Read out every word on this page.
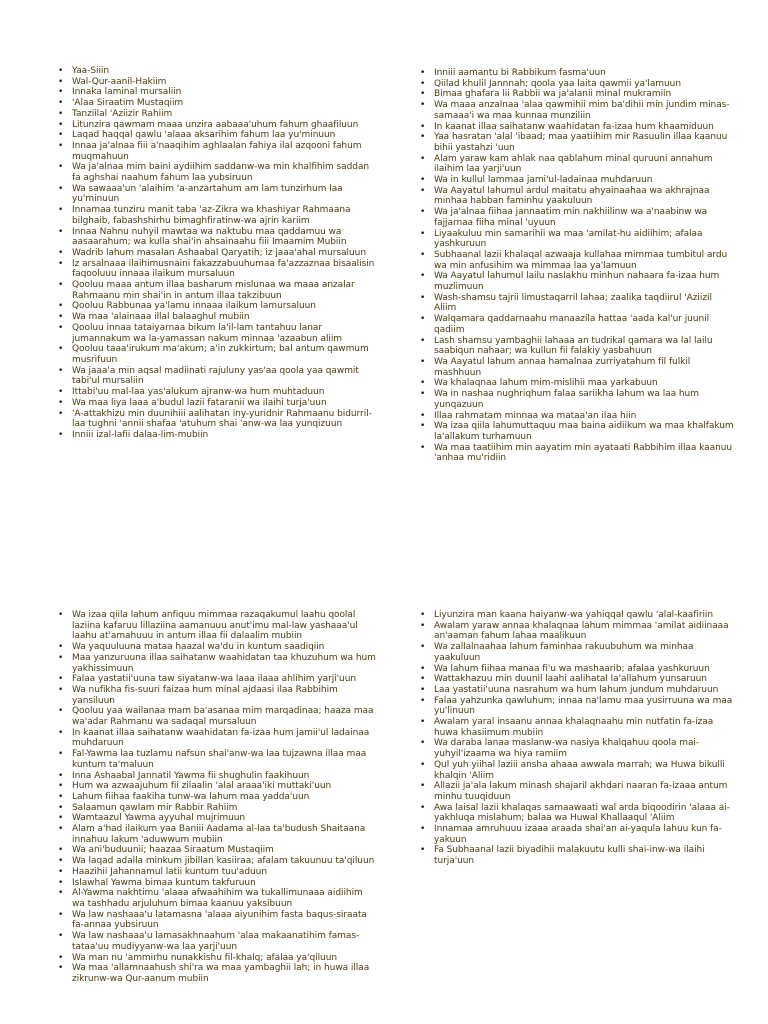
• Yaa-Siiin
• Wal-Qur-aanil-Hakiim
• Innaka laminal mursaliin
• 'Alaa Siraatim Mustaqiim
• Tanziilal 'Aziizir Rahiim
• Litunzira qawmam maaa unzira aabaaa'uhum fahum ghaafiluun
• Laqad haqqal qawlu 'alaaa aksarihim fahum laa yu'minuun
• Innaa ja'alnaa fiii a'naaqihim aghlaalan fahiya ilal azqooni fahum muqmahuun
• Wa ja'alnaa mim baini aydiihim saddanw-wa min khalfihim saddan fa aghshai naahum fahum laa yubsiruun
• Wa sawaaa'un 'alaihim 'a-anzartahum am lam tunzirhum laa yu'minuun
• Innamaa tunziru manit taba 'az-Zikra wa khashiyar Rahmaana bilghaib, fabashshirhu bimaghfiratinw-wa ajrin kariim
• Innaa Nahnu nuhyil mawtaa wa naktubu maa qaddamuu wa aasaarahum; wa kulla shai'in ahsainaahu fiii Imaamim Mubiin
• Wadrib lahum masalan Ashaabal Qaryatih; iz jaaa'ahal mursaluun
• Iz arsalnaaa ilaihimusnaini fakazzabuuhumaa fa'azzaznaa bisaalisin faqooluuu innaaa ilaikum mursaluun
• Qooluu maaa antum illaa basharum mislunaa wa maaa anzalar Rahmaanu min shai'in in antum illaa takzibuun
• Qooluu Rabbunaa ya'lamu innaaa ilaikum lamursaluun
• Wa maa 'alainaaa illal balaaghul mubiin
• Qooluu innaa tataiyarnaa bikum la'il-lam tantahuu lanar jumannakum wa la-yamassan nakum minnaa 'azaabun aliim
• Qooluu taaa'irukum ma'akum; a'in zukkirtum; bal antum qawmum musrifuun
• Wa jaaa'a min aqsal madiinati rajuluny yas'aa qoola yaa qawmit tabi'ul mursaliin
• Ittabi'uu mal-laa yas'alukum ajranw-wa hum muhtaduun
• Wa maa liya laaa a'budul lazii fataranii wa ilaihi turja'uun
• 'A-attakhizu min duunihiii aalihatan iny-yuridnir Rahmaanu bidurril-laa tughni 'annii shafaa 'atuhum shai 'anw-wa laa yunqizuun
• Inniii izal-lafii dalaa-lim-mubiin
• Inniii aamantu bi Rabbikum fasma'uun
• Qiilad khulil Jannnah; qoola yaa laita qawmii ya'lamuun
• Bimaa ghafara lii Rabbii wa ja'alanii minal mukramiin
• Wa maaa anzalnaa 'alaa qawmihii mim ba'dihii min jundim minas-samaaa'i wa maa kunnaa munziliin
• In kaanat illaa saihatanw waahidatan fa-izaa hum khaamiduun
• Yaa hasratan 'alal 'ibaad; maa yaatiihim mir Rasuulin illaa kaanuu bihii yastahzi 'uun
• Alam yaraw kam ahlak naa qablahum minal quruuni annahum ilaihim laa yarji'uun
• Wa in kullul lammaa jami'ul-ladainaa muhdaruun
• Wa Aayatul lahumul ardul maitatu ahyainaahaa wa akhrajnaa minhaa habban faminhu yaakuluun
• Wa ja'alnaa fiihaa jannaatim min nakhiilinw wa a'naabinw wa fajjarnaa fiiha minal 'uyuun
• Liyaakuluu min samarihii wa maa 'amilat-hu aidiihim; afalaa yashkuruun
• Subhaanal lazii khalaqal azwaaja kullahaa mimmaa tumbitul ardu wa min anfusihim wa mimmaa laa ya'lamuun
• Wa Aayatul lahumul lailu naslakhu minhun nahaara fa-izaa hum muzlimuun
• Wash-shamsu tajrii limustaqarril lahaa; zaalika taqdiirul 'Aziizil Aliim
• Walqamara qaddarnaahu manaazila hattaa 'aada kal'ur juunil qadiim
• Lash shamsu yambaghii lahaaa an tudrikal qamara wa lal lailu saabiqun nahaar; wa kullun fii falakiy yasbahuun
• Wa Aayatul lahum annaa hamalnaa zurriyatahum fil fulkil mashhuun
• Wa khalaqnaa lahum mim-mislihii maa yarkabuun
• Wa in nashaa nughriqhum falaa sariikha lahum wa laa hum yunqazuun
• Illaa rahmatam minnaa wa mataa'an ilaa hiin
• Wa izaa qiila lahumuttaquu maa baina aidiikum wa maa khalfakum la'allakum turhamuun
• Wa maa taatiihim min aayatim min ayataati Rabbihim illaa kaanuu 'anhaa mu'ridiin
• Wa izaa qiila lahum anfiquu mimmaa razaqakumul laahu qoolal laziina kafaruu lillaziina aamanuuu anut'imu mal-law yashaaa'ul laahu at'amahuuu in antum illaa fii dalaalim mubiin
• Wa yaquuluuna mataa haazal wa'du in kuntum saadiqiin
• Maa yanzuruuna illaa saihatanw waahidatan taa khuzuhum wa hum yakhissimuun
• Falaa yastatii'uuna taw siyatanw-wa laaa ilaaa ahlihim yarji'uun
• Wa nufikha fis-suuri faizaa hum minal ajdaasi ilaa Rabbihim yansiluun
• Qooluu yaa wailanaa mam ba'asanaa mim marqadinaa; haaza maa wa'adar Rahmanu wa sadaqal mursaluun
• In kaanat illaa saihatanw waahidatan fa-izaa hum jamii'ul ladainaa muhdaruun
• Fal-Yawma laa tuzlamu nafsun shai'anw-wa laa tujzawna illaa maa kuntum ta'maluun
• Inna Ashaabal Jannatil Yawma fii shughulin faakihuun
• Hum wa azwaajuhum fii zilaalin 'alal araaa'iki muttaki'uun
• Lahum fiihaa faakiha tunw-wa lahum maa yadda'uun
• Salaamun qawlam mir Rabbir Rahiim
• Wamtaazul Yawma ayyuhal mujrimuun
• Alam a'had ilaikum yaa Baniii Aadama al-laa ta'budush Shaitaana innahuu lakum 'aduwwum mubiin
• Wa ani'buduunii; haazaa Siraatum Mustaqiim
• Wa laqad adalla minkum jibillan kasiiraa; afalam takuunuu ta'qiluun
• Haazihii Jahannamul latii kuntum tuu'aduun
• Islawhal Yawma bimaa kuntum takfuruun
• Al-Yawma nakhtimu 'alaaa afwaahihim wa tukallimunaaa aidiihim wa tashhadu arjuluhum bimaa kaanuu yaksibuun
• Wa law nashaaa'u latamasna 'alaaa aiyunihim fasta baqus-siraata fa-annaa yubsiruun
• Wa law nashaaa'u lamasakhnaahum 'alaa makaanatihim famas-tataa'uu mudiyyanw-wa laa yarji'uun
• Wa man nu 'ammirhu nunakkishu fil-khalq; afalaa ya'qiluun
• Wa maa 'allamnaahush shi'ra wa maa yambaghii lah; in huwa illaa zikrunw-wa Qur-aanum mubiin
• Liyunzira man kaana haiyanw-wa yahiqqal qawlu 'alal-kaafiriin
• Awalam yaraw annaa khalaqnaa lahum mimmaa 'amilat aidiinaaa an'aaman fahum lahaa maalikuun
• Wa zallalnaahaa lahum faminhaa rakuubuhum wa minhaa yaakuluun
• Wa lahum fiihaa manaa fi'u wa mashaarib; afalaa yashkuruun
• Wattakhazuu min duunil laahi aalihatal la'allahum yunsaruun
• Laa yastatii'uuna nasrahum wa hum lahum jundum muhdaruun
• Falaa yahzunka qawluhum; innaa na'lamu maa yusirruuna wa maa yu'linuun
• Awalam yaral insaanu annaa khalaqnaahu min nutfatin fa-izaa huwa khasiimum mubiin
• Wa daraba lanaa maslanw-wa nasiya khalqahuu qoola mai-yuhyil'izaama wa hiya ramiim
• Qul yuh yiihal laziii ansha ahaaa awwala marrah; wa Huwa bikulli khalqin 'Aliim
• Allazii ja'ala lakum minash shajaril akhdari naaran fa-izaaa antum minhu tuuqiduun
• Awa laisal lazii khalaqas samaawaati wal arda biqoodirin 'alaaa ai-yakhluqa mislahum; balaa wa Huwal Khallaaqul 'Aliim
• Innamaa amruhuuu izaaa araada shai'an ai-yaqula lahuu kun fa-yakuun
• Fa Subhaanal lazii biyadihii malakuutu kulli shai-inw-wa ilaihi turja'uun
